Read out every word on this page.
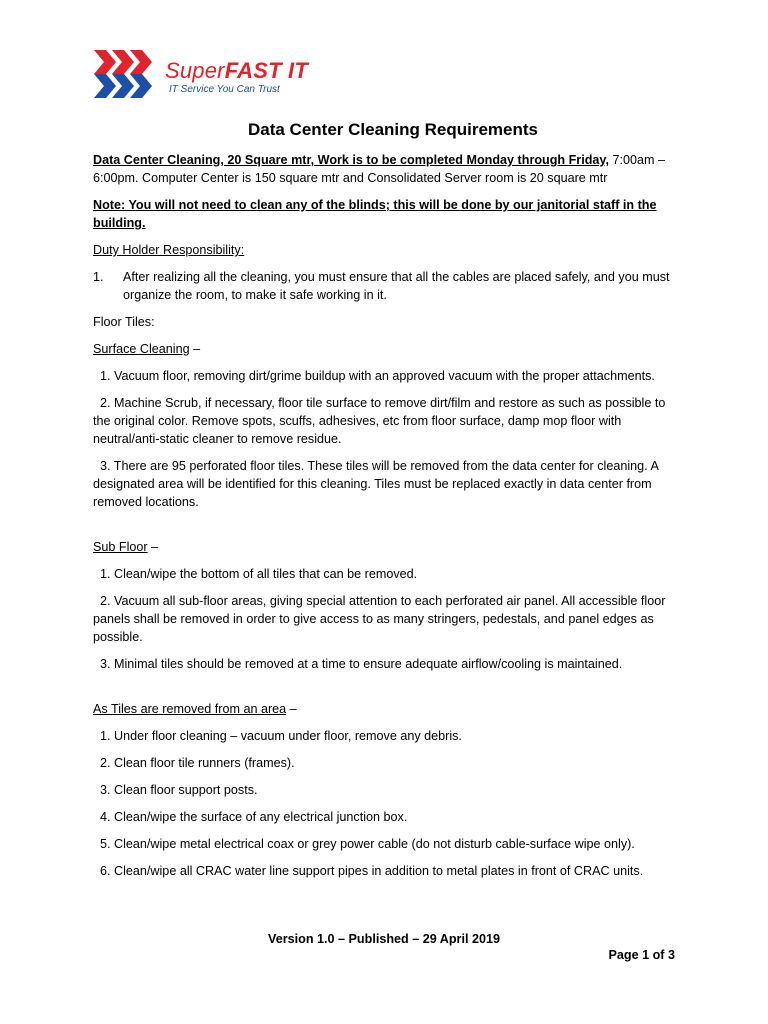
SuperFAST IT
IT Service You Can Trust
Data Center Cleaning Requirements

Data Center Cleaning, 20 Square mtr, Work is to be completed Monday through Friday, 7:00am – 6:00pm. Computer Center is 150 square mtr and Consolidated Server room is 20 square mtr

Note: You will not need to clean any of the blinds; this will be done by our janitorial staff in the building.

Duty Holder Responsibility:

1.	After realizing all the cleaning, you must ensure that all the cables are placed safely, and you must organize the room, to make it safe working in it.

Floor Tiles:

Surface Cleaning –

1. Vacuum floor, removing dirt/grime buildup with an approved vacuum with the proper attachments.
2. Machine Scrub, if necessary, floor tile surface to remove dirt/film and restore as such as possible to the original color. Remove spots, scuffs, adhesives, etc from floor surface, damp mop floor with neutral/anti-static cleaner to remove residue.
3. There are 95 perforated floor tiles. These tiles will be removed from the data center for cleaning. A designated area will be identified for this cleaning. Tiles must be replaced exactly in data center from removed locations.

Sub Floor –

1. Clean/wipe the bottom of all tiles that can be removed.
2. Vacuum all sub-floor areas, giving special attention to each perforated air panel. All accessible floor panels shall be removed in order to give access to as many stringers, pedestals, and panel edges as possible.
3. Minimal tiles should be removed at a time to ensure adequate airflow/cooling is maintained.

As Tiles are removed from an area –

1. Under floor cleaning – vacuum under floor, remove any debris.
2. Clean floor tile runners (frames).
3. Clean floor support posts.
4. Clean/wipe the surface of any electrical junction box.
5. Clean/wipe metal electrical coax or grey power cable (do not disturb cable-surface wipe only).
6. Clean/wipe all CRAC water line support pipes in addition to metal plates in front of CRAC units.
Version 1.0 – Published – 29 April 2019
Page 1 of 3
